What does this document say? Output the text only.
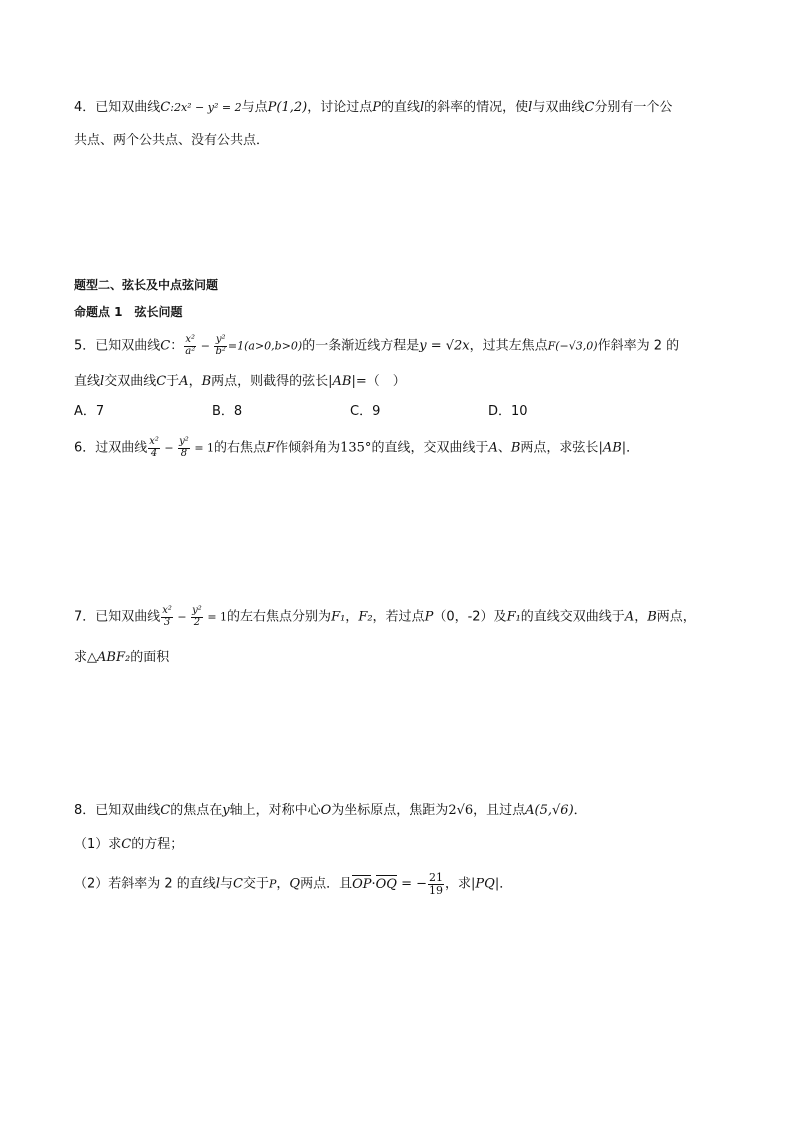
4．已知双曲线C:2x² − y² = 2与点P(1,2)，讨论过点P的直线l的斜率的情况，使l与双曲线C分别有一个公
共点、两个公共点、没有公共点．
题型二、弦长及中点弦问题
命题点 1　弦长问题
5．已知双曲线C： $\frac{\text{x²}}{\text{a²}} - \frac{\text{y²}}{\text{b²}} =1(a>0,b>0)$的一条渐近线方程是y = √2x，过其左焦点F(−√3,0)作斜率为 2 的
直线l交双曲线C于A，B两点，则截得的弦长|AB|=（　）
A．7	B．8	C．9	D．10
6．过双曲线 $\frac{\text{x²}}{4} - \frac{\text{y²}}{8} = 1$的右焦点F作倾斜角为135°的直线，交双曲线于A、B两点，求弦长|AB|．
7．已知双曲线 $\frac{\text{x²}}{3} - \frac{\text{y²}}{2} = 1$的左右焦点分别为F₁，F₂，若过点P（0，-2）及F₁的直线交双曲线于A，B两点，
求△ABF₂的面积
8．已知双曲线C的焦点在y轴上，对称中心O为坐标原点，焦距为2√6，且过点A(5,√6)．
（1）求C的方程；
（2）若斜率为 2 的直线l与C交于P，Q两点．且OP·OQ = − $\frac{21}{19}$ ，求|PQ|．
